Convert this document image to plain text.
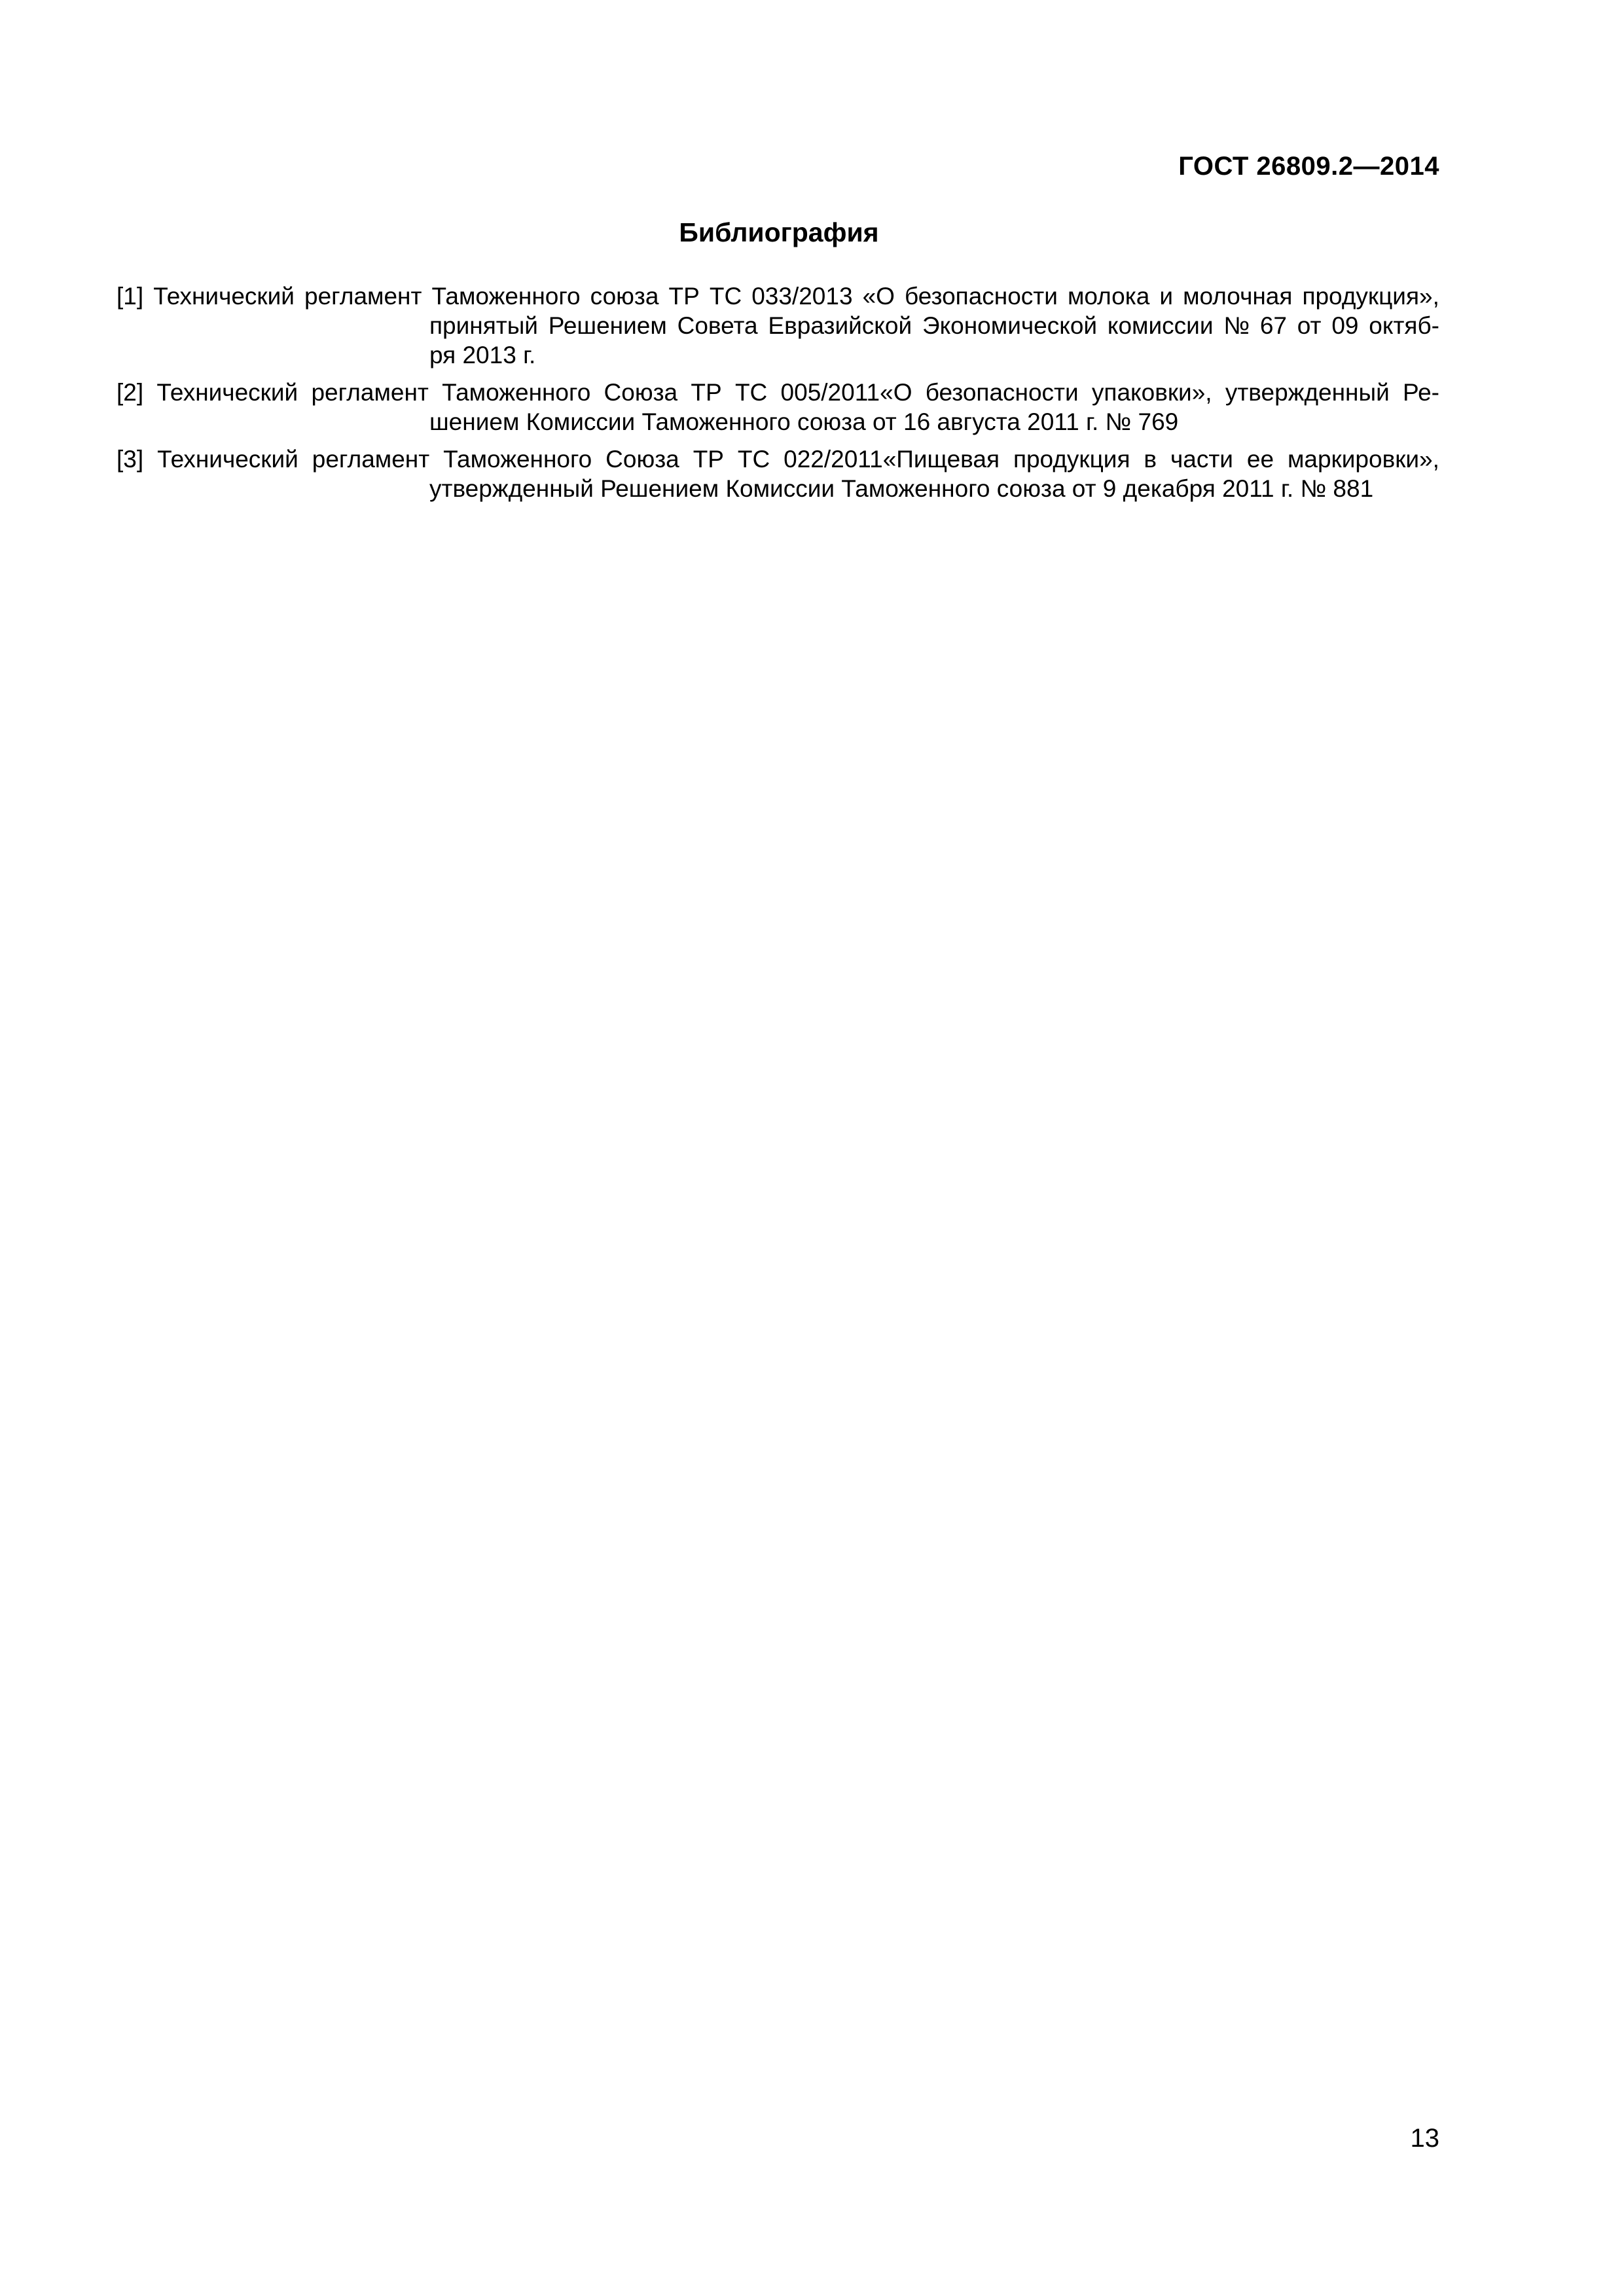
ГОСТ 26809.2—2014
Библиография
[1] Технический регламент Таможенного союза ТР ТС 033/2013 «О безопасности молока и молочная продукция»,
принятый Решением Совета Евразийской Экономической комиссии № 67 от 09 октяб-
ря 2013 г.
[2] Технический регламент Таможенного Союза ТР ТС 005/2011«О безопасности упаковки», утвержденный Ре-
шением Комиссии Таможенного союза от 16 августа 2011 г. № 769
[3] Технический регламент Таможенного Союза ТР ТС 022/2011«Пищевая продукция в части ее маркировки»,
утвержденный Решением Комиссии Таможенного союза от 9 декабря 2011 г. № 881
13
